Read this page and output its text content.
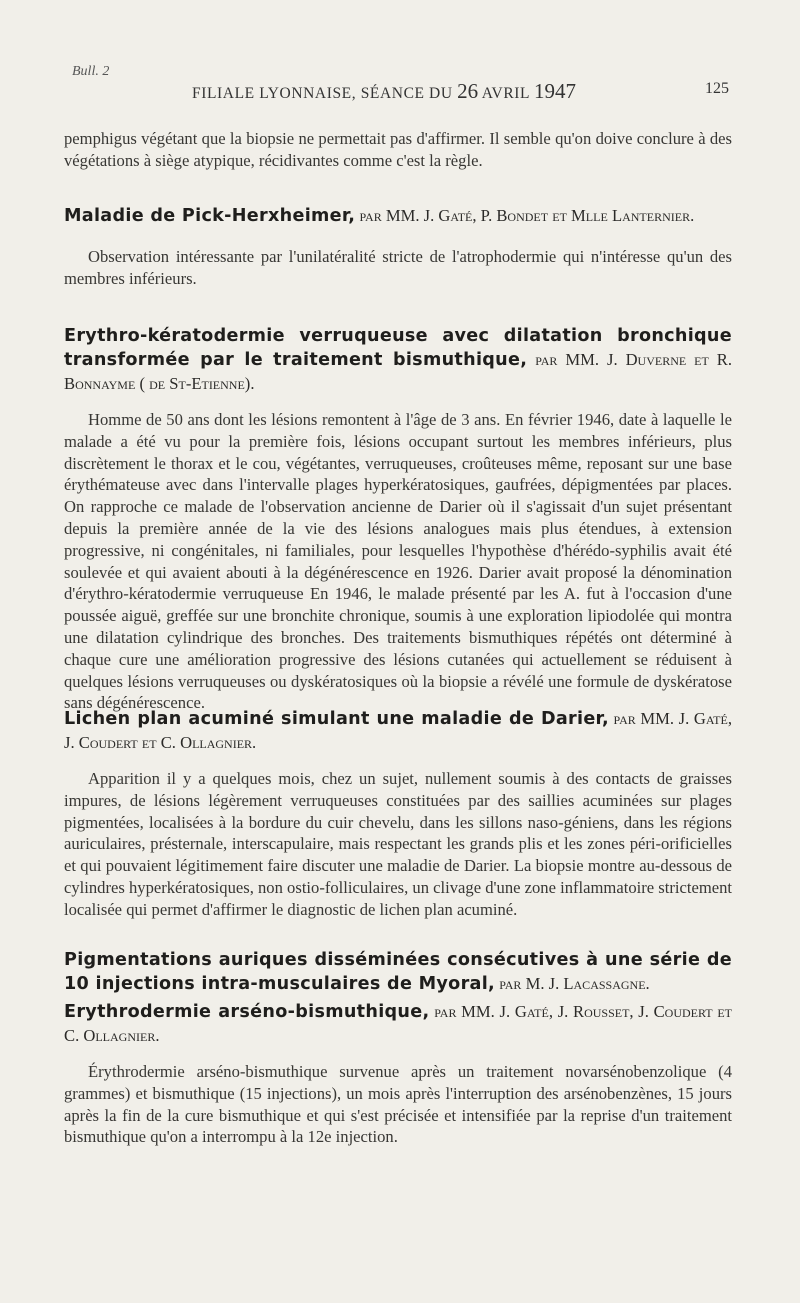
Bull. 2
FILIALE LYONNAISE, SÉANCE DU 26 AVRIL 1947	125

pemphigus végétant que la biopsie ne permettait pas d'affirmer. Il semble qu'on doive conclure à des végétations à siège atypique, récidivantes comme c'est la règle.

Maladie de Pick-Herxheimer, par MM. J. Gaté, P. Bondet et Mlle Lanternier.

Observation intéressante par l'unilatéralité stricte de l'atrophodermie qui n'intéresse qu'un des membres inférieurs.

Erythro-kératodermie verruqueuse avec dilatation bronchique transformée par le traitement bismuthique, par MM. J. Duverne et R. Bonnayme ( de St-Etienne).

Homme de 50 ans dont les lésions remontent à l'âge de 3 ans. En février 1946, date à laquelle le malade a été vu pour la première fois, lésions occupant surtout les membres inférieurs, plus discrètement le thorax et le cou, végétantes, verruqueuses, croûteuses même, reposant sur une base érythémateuse avec dans l'intervalle plages hyperkératosiques, gaufrées, dépigmentées par places. On rapproche ce malade de l'observation ancienne de Darier où il s'agissait d'un sujet présentant depuis la première année de la vie des lésions analogues mais plus étendues, à extension progressive, ni congénitales, ni familiales, pour lesquelles l'hypothèse d'hérédo-syphilis avait été soulevée et qui avaient abouti à la dégénérescence en 1926. Darier avait proposé la dénomination d'érythro-kératodermie verruqueuse En 1946, le malade présenté par les A. fut à l'occasion d'une poussée aiguë, greffée sur une bronchite chronique, soumis à une exploration lipiodolée qui montra une dilatation cylindrique des bronches. Des traitements bismuthiques répétés ont déterminé à chaque cure une amélioration progressive des lésions cutanées qui actuellement se réduisent à quelques lésions verruqueuses ou dyskératosiques où la biopsie a révélé une formule de dyskératose sans dégénérescence.

Lichen plan acuminé simulant une maladie de Darier, par MM. J. Gaté, J. Coudert et C. Ollagnier.

Apparition il y a quelques mois, chez un sujet, nullement soumis à des contacts de graisses impures, de lésions légèrement verruqueuses constituées par des saillies acuminées sur plages pigmentées, localisées à la bordure du cuir chevelu, dans les sillons naso-géniens, dans les régions auriculaires, présternale, interscapulaire, mais respectant les grands plis et les zones péri-orificielles et qui pouvaient légitimement faire discuter une maladie de Darier. La biopsie montre au-dessous de cylindres hyperkératosiques, non ostio-folliculaires, un clivage d'une zone inflammatoire strictement localisée qui permet d'affirmer le diagnostic de lichen plan acuminé.

Pigmentations auriques disséminées consécutives à une série de 10 injections intra-musculaires de Myoral, par M. J. Lacassagne.

Erythrodermie arséno-bismuthique, par MM. J. Gaté, J. Rousset, J. Coudert et C. Ollagnier.

Érythrodermie arséno-bismuthique survenue après un traitement novarsénobenzolique (4 grammes) et bismuthique (15 injections), un mois après l'interruption des arsénobenzènes, 15 jours après la fin de la cure bismuthique et qui s'est précisée et intensifiée par la reprise d'un traitement bismuthique qu'on a interrompu à la 12e injection.
